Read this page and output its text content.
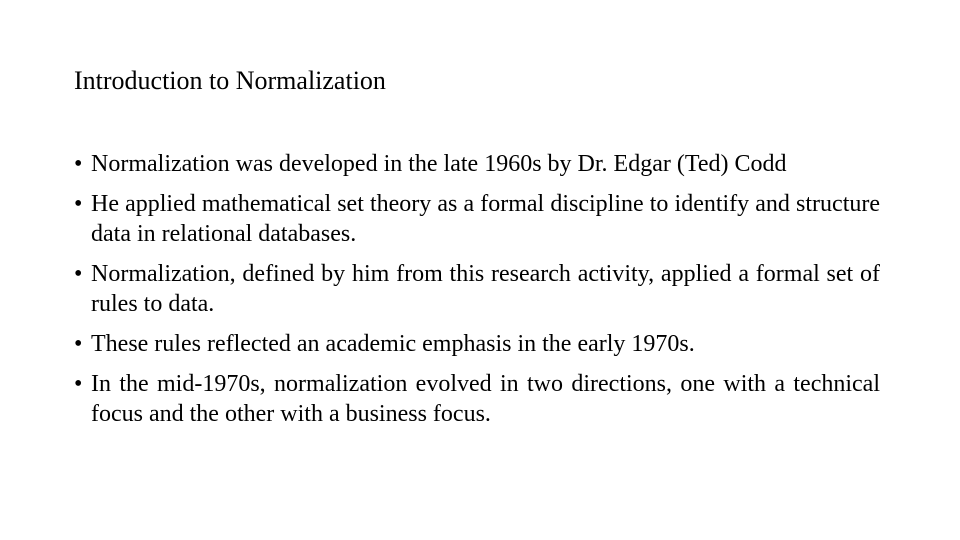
Introduction to Normalization
• Normalization was developed in the late 1960s by Dr. Edgar (Ted) Codd
• He applied mathematical set theory as a formal discipline to identify and structure data in relational databases.
• Normalization, defined by him from this research activity, applied a formal set of rules to data.
• These rules reflected an academic emphasis in the early 1970s.
• In the mid-1970s, normalization evolved in two directions, one with a technical focus and the other with a business focus.
